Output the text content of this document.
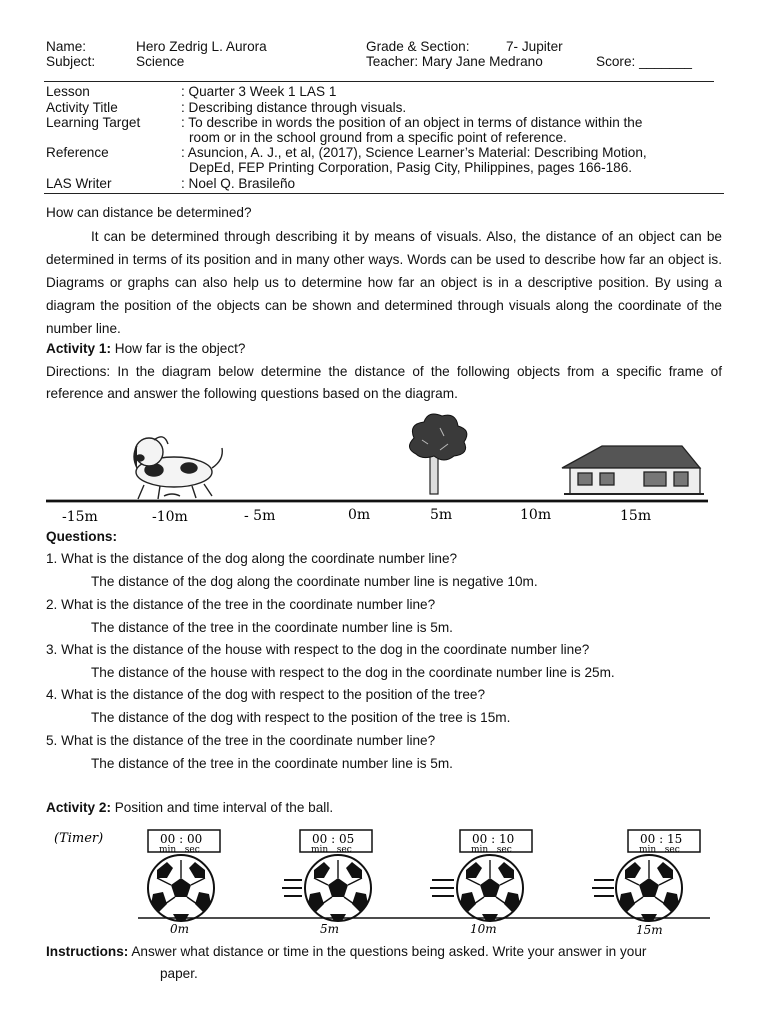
Name:	Hero Zedrig L. Aurora	Grade & Section:	7- Jupiter
Subject:	Science	Teacher: Mary Jane Medrano	Score: _______
Lesson	: Quarter 3 Week 1 LAS 1
Activity Title	: Describing distance through visuals.
Learning Target	: To describe in words the position of an object in terms of distance within the
room or in the school ground from a specific point of reference.
Reference	: Asuncion, A. J., et al, (2017), Science Learner’s Material: Describing Motion,
DepEd, FEP Printing Corporation, Pasig City, Philippines, pages 166-186.
LAS Writer	: Noel Q. Brasileño
How can distance be determined?
It can be determined through describing it by means of visuals. Also, the distance of an object can be determined in terms of its position and in many other ways. Words can be used to describe how far an object is. Diagrams or graphs can also help us to determine how far an object is in a descriptive position. By using a diagram the position of the objects can be shown and determined through visuals along the coordinate of the number line.
Activity 1: How far is the object?
Directions: In the diagram below determine the distance of the following objects from a specific frame of reference and answer the following questions based on the diagram.
-15m	-10m	- 5m	0m	5m	10m	15m
Questions:
1. What is the distance of the dog along the coordinate number line?
The distance of the dog along the coordinate number line is negative 10m.
2. What is the distance of the tree in the coordinate number line?
The distance of the tree in the coordinate number line is 5m.
3. What is the distance of the house with respect to the dog in the coordinate number line?
The distance of the house with respect to the dog in the coordinate number line is 25m.
4. What is the distance of the dog with respect to the position of the tree?
The distance of the dog with respect to the position of the tree is 15m.
5. What is the distance of the tree in the coordinate number line?
The distance of the tree in the coordinate number line is 5m.
Activity 2: Position and time interval of the ball.
(Timer)	00 : 00
min   sec
00 : 05
min   sec
00 : 10
min   sec
00 : 15
min   sec
0m	5m	10m	15m
Instructions: Answer what distance or time in the questions being asked. Write your answer in your
paper.
